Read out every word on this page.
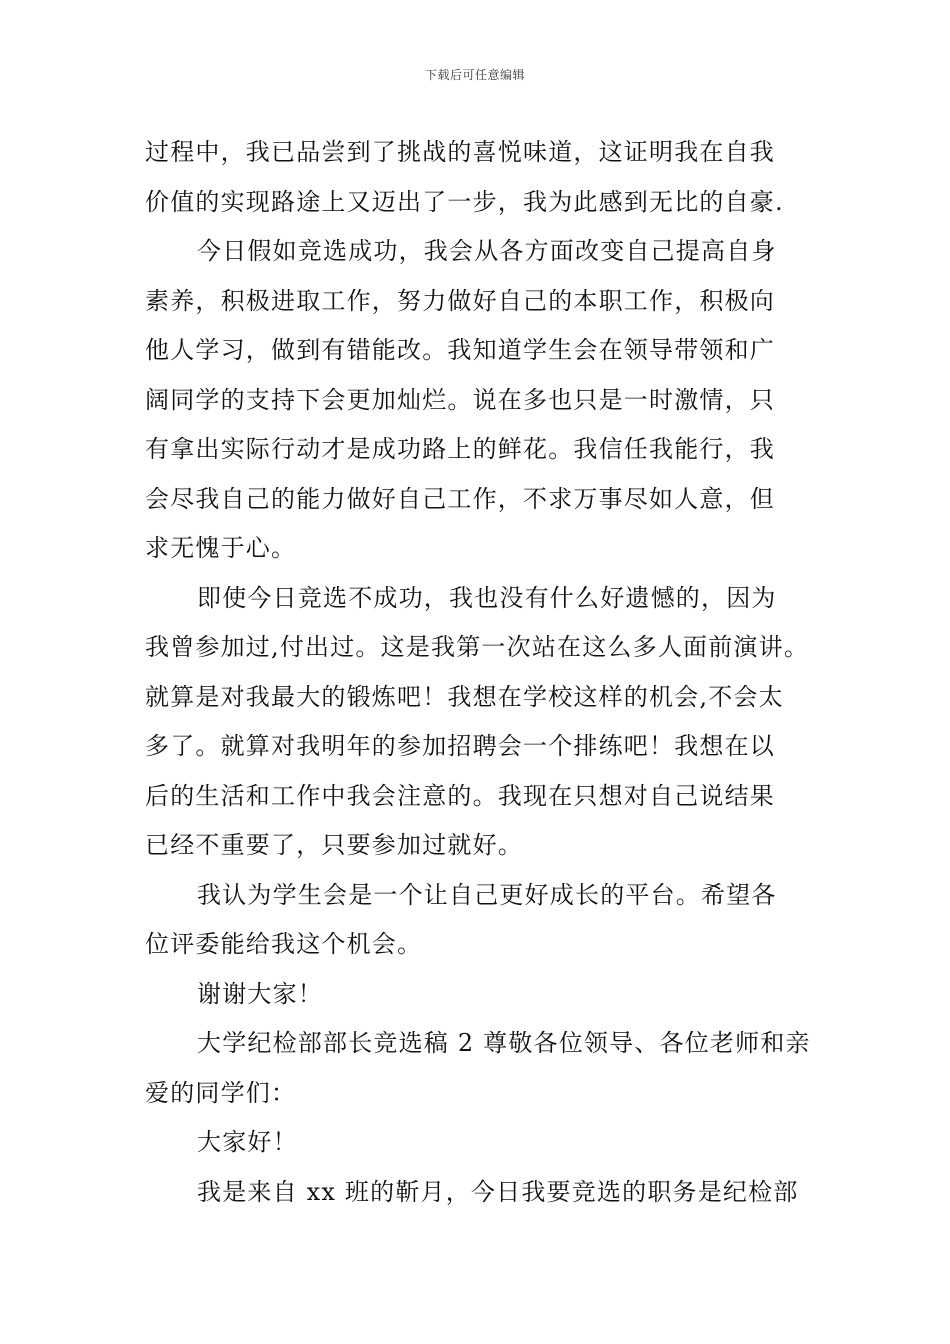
下载后可任意编辑
过程中，我已品尝到了挑战的喜悦味道，这证明我在自我
价值的实现路途上又迈出了一步，我为此感到无比的自豪.
今日假如竞选成功，我会从各方面改变自己提高自身
素养，积极进取工作，努力做好自己的本职工作，积极向
他人学习，做到有错能改。我知道学生会在领导带领和广
阔同学的支持下会更加灿烂。说在多也只是一时激情，只
有拿出实际行动才是成功路上的鲜花。我信任我能行，我
会尽我自己的能力做好自己工作，不求万事尽如人意，但
求无愧于心。
即使今日竞选不成功，我也没有什么好遗憾的，因为
我曾参加过,付出过。这是我第一次站在这么多人面前演讲。
就算是对我最大的锻炼吧！我想在学校这样的机会,不会太
多了。就算对我明年的参加招聘会一个排练吧！我想在以
后的生活和工作中我会注意的。我现在只想对自己说结果
已经不重要了，只要参加过就好。
我认为学生会是一个让自己更好成长的平台。希望各
位评委能给我这个机会。
谢谢大家！
大学纪检部部长竞选稿 2 尊敬各位领导、各位老师和亲
爱的同学们：
大家好！
我是来自 xx 班的靳月，今日我要竞选的职务是纪检部
